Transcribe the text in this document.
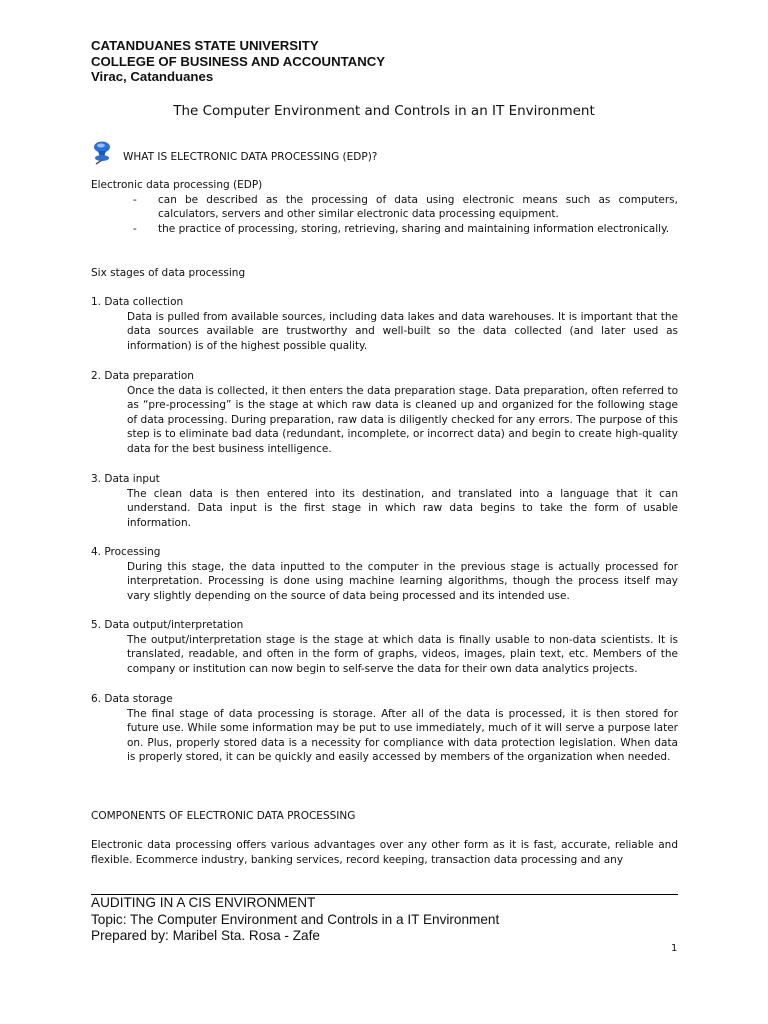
CATANDUANES STATE UNIVERSITY
COLLEGE OF BUSINESS AND ACCOUNTANCY
Virac, Catanduanes
The Computer Environment and Controls in an IT Environment
WHAT IS ELECTRONIC DATA PROCESSING (EDP)?
Electronic data processing (EDP)
-	can be described as the processing of data using electronic means such as computers, calculators, servers and other similar electronic data processing equipment.
-	the practice of processing, storing, retrieving, sharing and maintaining information electronically.
Six stages of data processing
1. Data collection
Data is pulled from available sources, including data lakes and data warehouses. It is important that the data sources available are trustworthy and well-built so the data collected (and later used as information) is of the highest possible quality.
2. Data preparation
Once the data is collected, it then enters the data preparation stage. Data preparation, often referred to as “pre-processing” is the stage at which raw data is cleaned up and organized for the following stage of data processing. During preparation, raw data is diligently checked for any errors. The purpose of this step is to eliminate bad data (redundant, incomplete, or incorrect data) and begin to create high-quality data for the best business intelligence.
3. Data input
The clean data is then entered into its destination, and translated into a language that it can understand. Data input is the first stage in which raw data begins to take the form of usable information.
4. Processing
During this stage, the data inputted to the computer in the previous stage is actually processed for interpretation. Processing is done using machine learning algorithms, though the process itself may vary slightly depending on the source of data being processed and its intended use.
5. Data output/interpretation
The output/interpretation stage is the stage at which data is finally usable to non-data scientists. It is translated, readable, and often in the form of graphs, videos, images, plain text, etc. Members of the company or institution can now begin to self-serve the data for their own data analytics projects.
6. Data storage
The final stage of data processing is storage. After all of the data is processed, it is then stored for future use. While some information may be put to use immediately, much of it will serve a purpose later on. Plus, properly stored data is a necessity for compliance with data protection legislation. When data is properly stored, it can be quickly and easily accessed by members of the organization when needed.
COMPONENTS OF ELECTRONIC DATA PROCESSING
Electronic data processing offers various advantages over any other form as it is fast, accurate, reliable and flexible. Ecommerce industry, banking services, record keeping, transaction data processing and any
AUDITING IN A CIS ENVIRONMENT
Topic: The Computer Environment and Controls in a IT Environment
Prepared by: Maribel Sta. Rosa - Zafe
1
